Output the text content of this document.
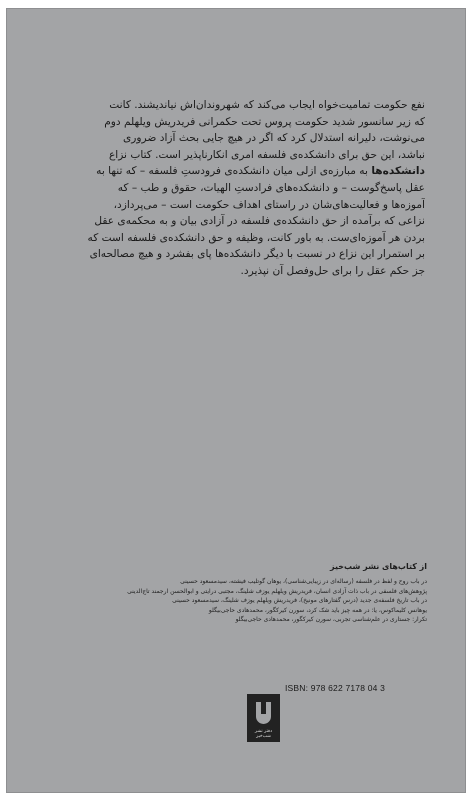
نفع حکومت تمامیت‌خواه ایجاب می‌کند که شهروندان‌اش نیاندیشند. کانت
که زیر سانسور شدید حکومت پروس تحت حکمرانی فریدریش ویلهلم دوم
می‌نوشت، دلیرانه استدلال کرد که اگر در هیچ جایی بحث آزاد ضروری
نباشد، این حق برای دانشکده‌ی فلسفه امری انکارناپذیر است. کتاب نزاع
دانشکده‌ها به مبارزه‌ی ازلی میان دانشکده‌ی فرودستِ فلسفه – که تنها به
عقل پاسخ‌گوست – و دانشکده‌های فرادستِ الهیات، حقوق و طب – که
آموزه‌ها و فعالیت‌های‌شان در راستای اهداف حکومت است – می‌پردازد،
نزاعی که برآمده از حق دانشکده‌ی فلسفه در آزادی بیان و به محکمه‌ی عقل
بردن هر آموزه‌ای‌ست. به باور کانت، وظیفه و حق دانشکده‌ی فلسفه است که
بر استمرار این نزاع در نسبت با دیگر دانشکده‌ها پای بفشرد و هیچ مصالحه‌ای
جز حکم عقل را برای حل‌وفصل آن نپذیرد.
از کتاب‌های نشر شب‌خیز
در باب روح و لفظ در فلسفه (رساله‌ای در زیبایی‌شناسی)، یوهان گوتلیب فیشته، سیدمسعود حسینی
پژوهش‌های فلسفی در باب ذات آزادی انسان، فریدریش ویلهلم یوزف شلینگ، مجتبی درایتی و ابوالحسن ارجمند تاج‌الدینی
در باب تاریخ فلسفه‌ی جدید (درس گفتارهای مونیخ)، فریدریش ویلهلم یوزف شلینگ، سیدمسعود حسینی
یوهانس کلیماکوس، یا: در همه چیز باید شک کرد، سورن کیرکگور، محمدهادی حاجی‌بیگلو
تکرار: جستاری در علم‌شناسی تجربی، سورن کیرکگور، محمدهادی حاجی‌بیگلو
دفتر نشر شب‌خیز
ISBN: 978 622 7178 04 3
